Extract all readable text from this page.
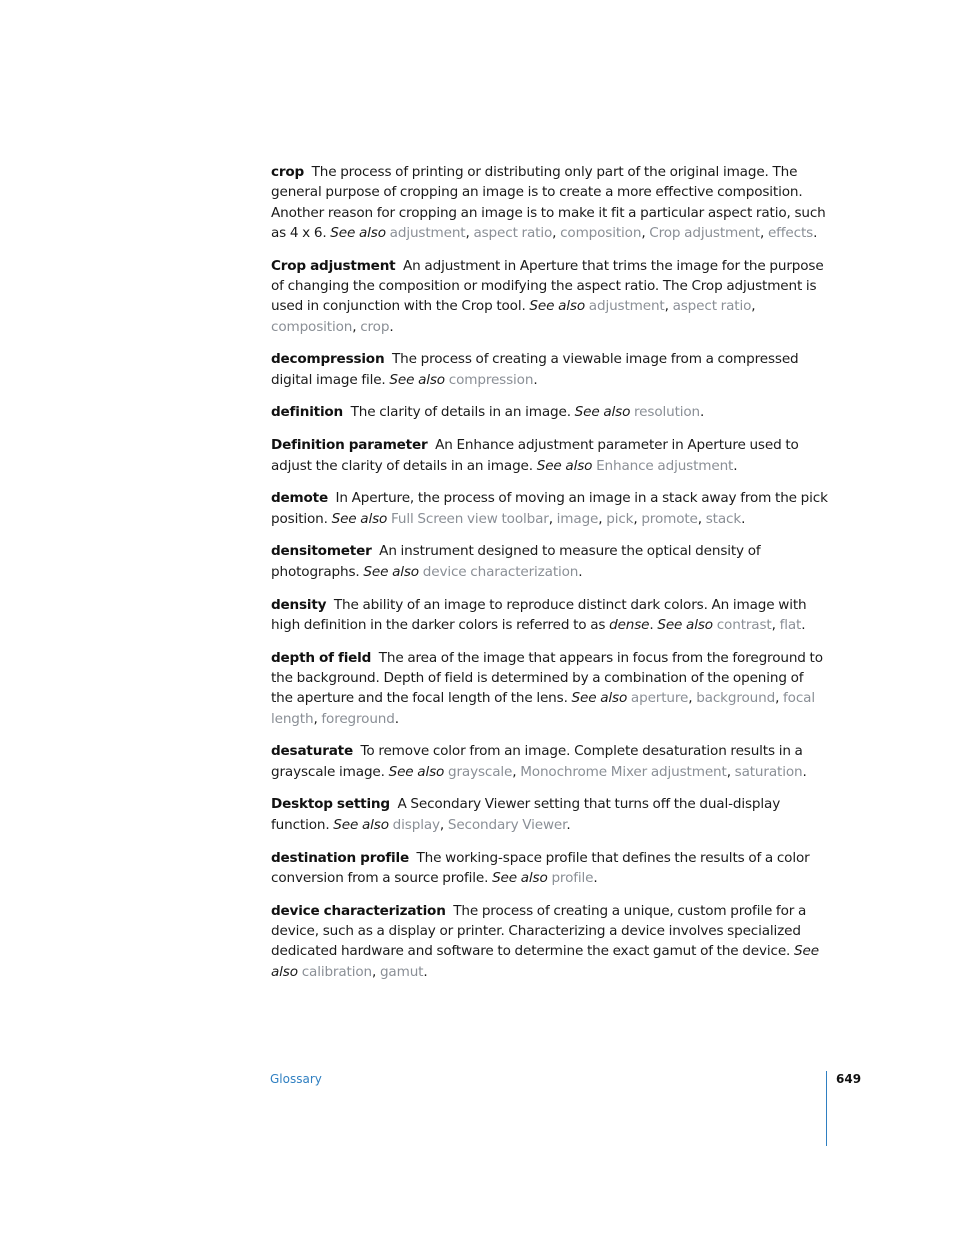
crop The process of printing or distributing only part of the original image. The general purpose of cropping an image is to create a more effective composition. Another reason for cropping an image is to make it fit a particular aspect ratio, such as 4 x 6. See also adjustment, aspect ratio, composition, Crop adjustment, effects.

Crop adjustment An adjustment in Aperture that trims the image for the purpose of changing the composition or modifying the aspect ratio. The Crop adjustment is used in conjunction with the Crop tool. See also adjustment, aspect ratio, composition, crop.

decompression The process of creating a viewable image from a compressed digital image file. See also compression.

definition The clarity of details in an image. See also resolution.

Definition parameter An Enhance adjustment parameter in Aperture used to adjust the clarity of details in an image. See also Enhance adjustment.

demote In Aperture, the process of moving an image in a stack away from the pick position. See also Full Screen view toolbar, image, pick, promote, stack.

densitometer An instrument designed to measure the optical density of photographs. See also device characterization.

density The ability of an image to reproduce distinct dark colors. An image with high definition in the darker colors is referred to as dense. See also contrast, flat.

depth of field The area of the image that appears in focus from the foreground to the background. Depth of field is determined by a combination of the opening of the aperture and the focal length of the lens. See also aperture, background, focal length, foreground.

desaturate To remove color from an image. Complete desaturation results in a grayscale image. See also grayscale, Monochrome Mixer adjustment, saturation.

Desktop setting A Secondary Viewer setting that turns off the dual-display function. See also display, Secondary Viewer.

destination profile The working-space profile that defines the results of a color conversion from a source profile. See also profile.

device characterization The process of creating a unique, custom profile for a device, such as a display or printer. Characterizing a device involves specialized dedicated hardware and software to determine the exact gamut of the device. See also calibration, gamut.

Glossary	649
